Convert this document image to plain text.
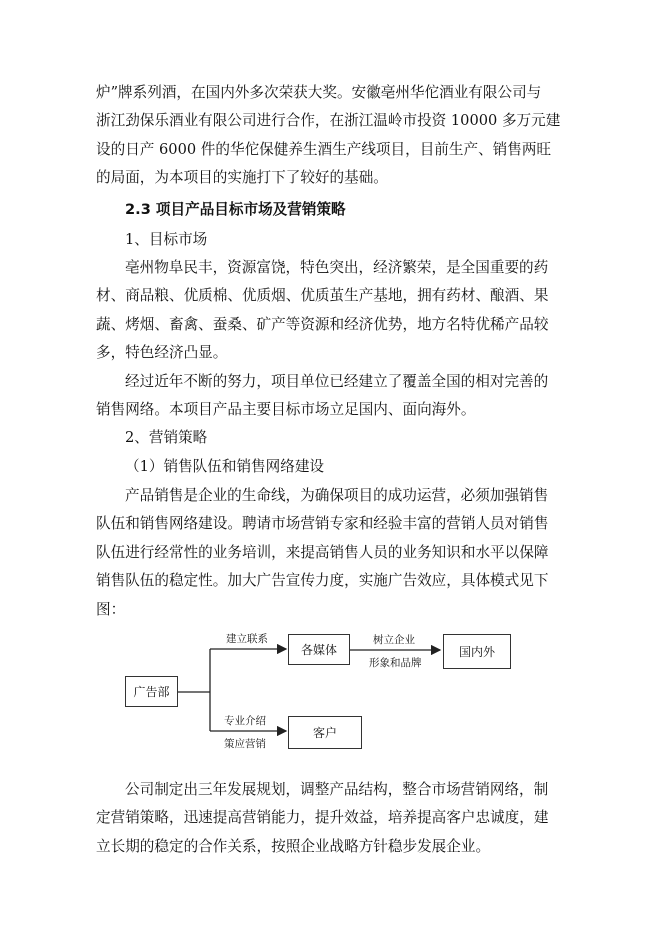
炉”牌系列酒，在国内外多次荣获大奖。安徽亳州华佗酒业有限公司与
浙江劲保乐酒业有限公司进行合作，在浙江温岭市投资 10000 多万元建
设的日产 6000 件的华佗保健养生酒生产线项目，目前生产、销售两旺
的局面，为本项目的实施打下了较好的基础。
2.3 项目产品目标市场及营销策略
1、目标市场
亳州物阜民丰，资源富饶，特色突出，经济繁荣，是全国重要的药
材、商品粮、优质棉、优质烟、优质茧生产基地，拥有药材、酿酒、果
蔬、烤烟、畜禽、蚕桑、矿产等资源和经济优势，地方名特优稀产品较
多，特色经济凸显。
经过近年不断的努力，项目单位已经建立了覆盖全国的相对完善的
销售网络。本项目产品主要目标市场立足国内、面向海外。
2、营销策略
（1）销售队伍和销售网络建设
产品销售是企业的生命线，为确保项目的成功运营，必须加强销售
队伍和销售网络建设。聘请市场营销专家和经验丰富的营销人员对销售
队伍进行经常性的业务培训，来提高销售人员的业务知识和水平以保障
销售队伍的稳定性。加大广告宣传力度，实施广告效应，具体模式见下
图：
广告部
各媒体	国内外
客户
建立联系	树立企业
形象和品牌
专业介绍
策应营销
公司制定出三年发展规划，调整产品结构，整合市场营销网络，制
定营销策略，迅速提高营销能力，提升效益，培养提高客户忠诚度，建
立长期的稳定的合作关系，按照企业战略方针稳步发展企业。
